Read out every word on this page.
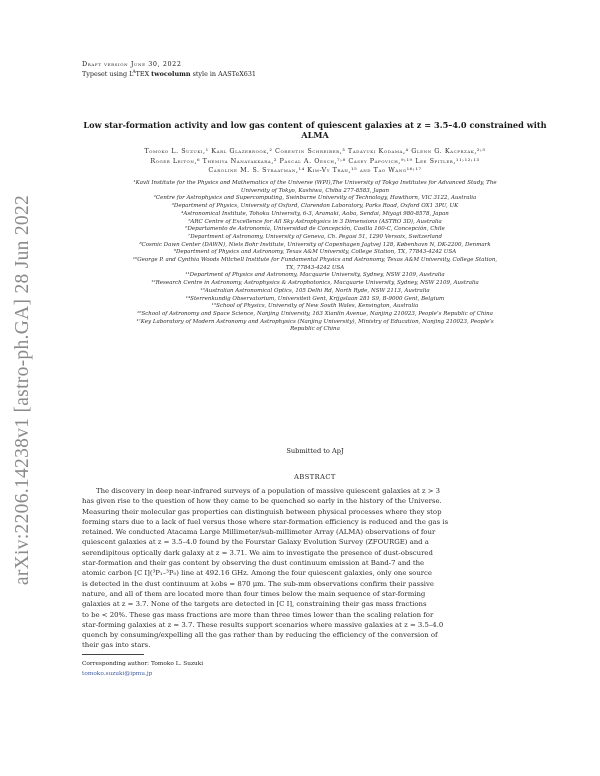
arXiv:2206.14238v1 [astro-ph.GA] 28 Jun 2022
Draft version June 30, 2022
Typeset using $L^ATEX$ twocolumn style in AASTeX631
Low star-formation activity and low gas content of quiescent galaxies at z = 3.5–4.0 constrained with
ALMA
Tomoko L. Suzuki,¹ Karl Glazebrook,² Corentin Schreiber,³ Tadayuki Kodama,⁴ Glenn G. Kacprzak,²˒⁵
Roger Leiton,⁶ Themiya Nanayakkara,² Pascal A. Oesch,⁷˒⁸ Casey Papovich,⁹˒¹⁰ Lee Spitler,¹¹˒¹²˒¹³
Caroline M. S. Straatman,¹⁴ Kim-Vy Tran,¹⁵ and Tao Wang¹⁶˒¹⁷

¹Kavli Institute for the Physics and Mathematics of the Universe (WPI),The University of Tokyo Institutes for Advanced Study, The

University of Tokyo, Kashiwa, Chiba 277-8583, Japan

²Centre for Astrophysics and Supercomputing, Swinburne University of Technology, Hawthorn, VIC 3122, Australia

³Department of Physics, University of Oxford, Clarendon Laboratory, Parks Road, Oxford OX1 3PU, UK

⁴Astronomical Institute, Tohoku University, 6-3, Aramaki, Aoba, Sendai, Miyagi 980-8578, Japan

⁵ARC Centre of Excellence for All Sky Astrophysics in 3 Dimensions (ASTRO 3D), Australia

⁶Departamento de Astronomía, Universidad de Concepción, Casilla 160-C, Concepción, Chile

⁷Department of Astronomy, University of Geneva, Ch. Pegasi 51, 1290 Versoix, Switzerland

⁸Cosmic Dawn Center (DAWN), Niels Bohr Institute, University of Copenhagen Jagtvej 128, København N, DK-2200, Denmark

⁹Department of Physics and Astronomy, Texas A&M University, College Station, TX, 77843-4242 USA

¹⁰George P. and Cynthia Woods Mitchell Institute for Fundamental Physics and Astronomy, Texas A&M University, College Station,

TX, 77843-4242 USA

¹¹Department of Physics and Astronomy, Macquarie University, Sydney, NSW 2109, Australia

¹²Research Centre in Astronomy, Astrophysics & Astrophotonics, Macquarie University, Sydney, NSW 2109, Australia

¹³Australian Astronomical Optics, 105 Delhi Rd, North Ryde, NSW 2113, Australia

¹⁴Sterrenkundig Observatorium, Universiteit Gent, Krijgslaan 281 S9, B-9000 Gent, Belgium

¹⁵School of Physics, University of New South Wales, Kensington, Australia

¹⁶School of Astronomy and Space Science, Nanjing University, 163 Xianlin Avenue, Nanjing 210023, People’s Republic of China

¹⁷Key Laboratory of Modern Astronomy and Astrophysics (Nanjing University), Ministry of Education, Nanjing 210023, People’s

Republic of China

Submitted to ApJ
ABSTRACT
The discovery in deep near-infrared surveys of a population of massive quiescent galaxies at z > 3
has given rise to the question of how they came to be quenched so early in the history of the Universe.
Measuring their molecular gas properties can distinguish between physical processes where they stop
forming stars due to a lack of fuel versus those where star-formation efficiency is reduced and the gas is
retained. We conducted Atacama Large Millimeter/sub-millimeter Array (ALMA) observations of four
quiescent galaxies at z = 3.5–4.0 found by the Fourstar Galaxy Evolution Survey (ZFOURGE) and a
serendipitous optically dark galaxy at z = 3.71. We aim to investigate the presence of dust-obscured
star-formation and their gas content by observing the dust continuum emission at Band-7 and the
atomic carbon [C I](³P₁–³P₀) line at 492.16 GHz. Among the four quiescent galaxies, only one source
is detected in the dust continuum at λobs = 870 μm. The sub-mm observations confirm their passive
nature, and all of them are located more than four times below the main sequence of star-forming
galaxies at z = 3.7. None of the targets are detected in [C I], constraining their gas mass fractions
to be < 20%. These gas mass fractions are more than three times lower than the scaling relation for
star-forming galaxies at z = 3.7. These results support scenarios where massive galaxies at z = 3.5–4.0
quench by consuming/expelling all the gas rather than by reducing the efficiency of the conversion of
their gas into stars.
Corresponding author: Tomoko L. Suzuki
tomoko.suzuki@ipmu.jp
